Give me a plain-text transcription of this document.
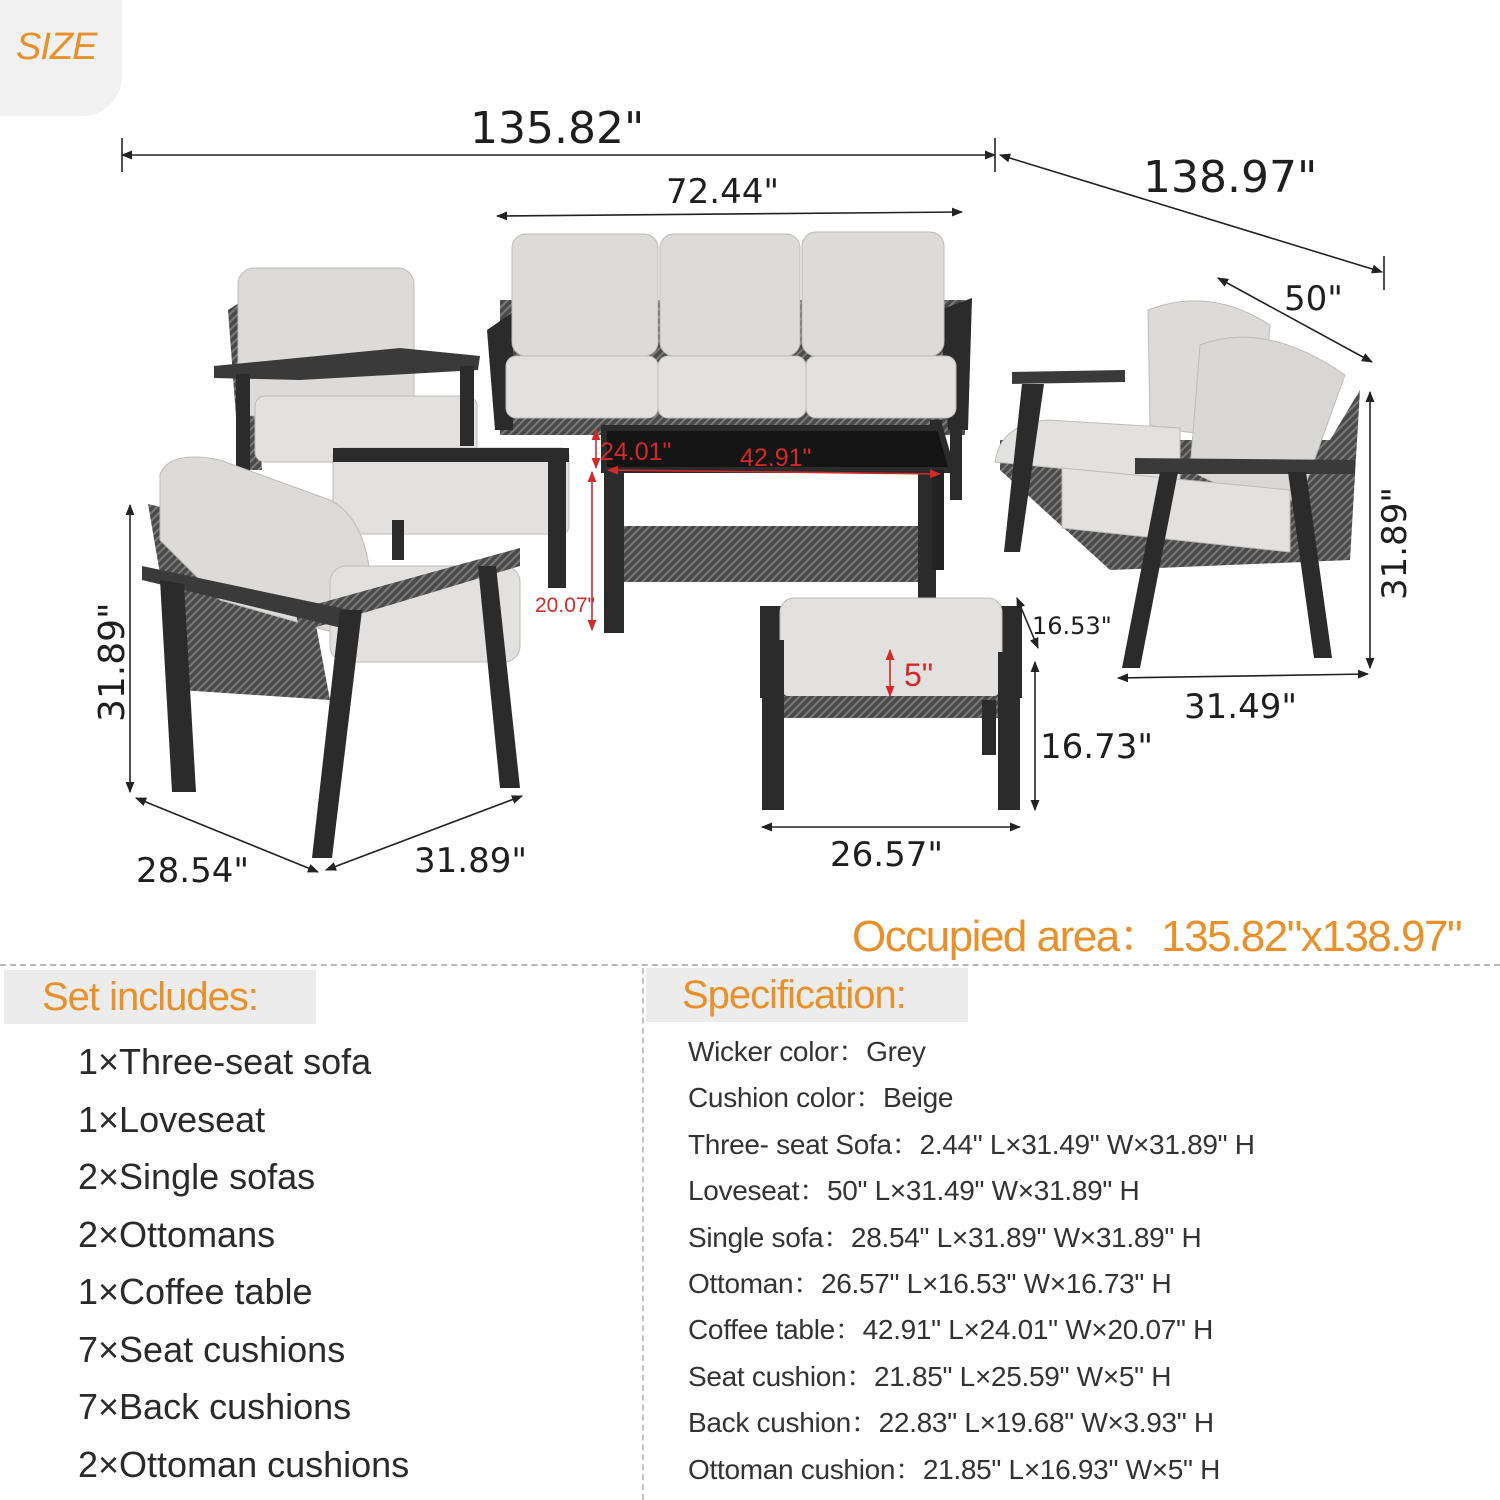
SIZE
135.82"
138.97"
72.44"
50"
31.89"
31.49"
24.01"	42.91"
20.07"
31.89"
28.54"	31.89"
16.53"
5"
16.73"
26.57"
Occupied area：135.82"x138.97"
Set includes:
1×Three-seat sofa
1×Loveseat
2×Single sofas
2×Ottomans
1×Coffee table
7×Seat cushions
7×Back cushions
2×Ottoman cushions
Specification:
Wicker color：Grey
Cushion color：Beige
Three- seat Sofa：2.44" L×31.49" W×31.89" H
Loveseat：50" L×31.49" W×31.89" H
Single sofa：28.54" L×31.89" W×31.89" H
Ottoman：26.57" L×16.53" W×16.73" H
Coffee table：42.91" L×24.01" W×20.07" H
Seat cushion：21.85" L×25.59" W×5" H
Back cushion：22.83" L×19.68" W×3.93" H
Ottoman cushion：21.85" L×16.93" W×5" H
